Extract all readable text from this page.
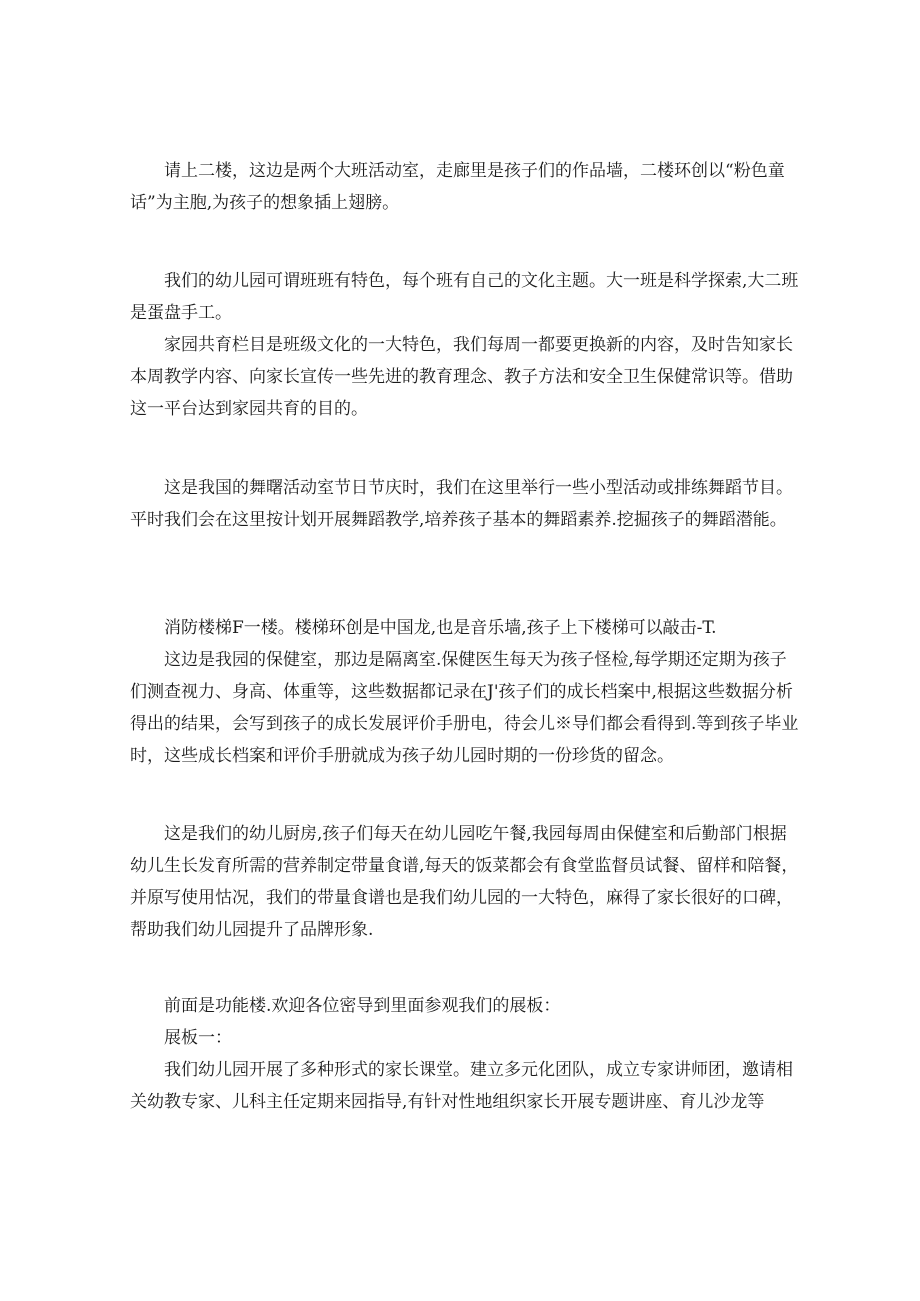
请上二楼，这边是两个大班活动室，走廊里是孩子们的作品墙，二楼环创以“粉色童话”为主胞,为孩子的想象插上翅膀。

我们的幼儿园可谓班班有特色，每个班有自己的文化主题。大一班是科学探索,大二班是蛋盘手工。

家园共育栏目是班级文化的一大特色，我们每周一都要更换新的内容，及时告知家长本周教学内容、向家长宣传一些先进的教育理念、教子方法和安全卫生保健常识等。借助这一平台达到家园共育的目的。

这是我国的舞曙活动室节日节庆时，我们在这里举行一些小型活动或排练舞蹈节目。平时我们会在这里按计划开展舞蹈教学,培养孩子基本的舞蹈素养.挖掘孩子的舞蹈潜能。

消防楼梯F一楼。楼梯环创是中国龙,也是音乐墙,孩子上下楼梯可以敲击-T.

这边是我园的保健室，那边是隔离室.保健医生每天为孩子怪检,每学期还定期为孩子们测查视力、身高、体重等，这些数据都记录在J'孩子们的成长档案中,根据这些数据分析得出的结果，会写到孩子的成长发展评价手册电，待会儿※导们都会看得到.等到孩子毕业时，这些成长档案和评价手册就成为孩子幼儿园时期的一份珍货的留念。

这是我们的幼儿厨房,孩子们每天在幼儿园吃午餐,我园每周由保健室和后勤部门根据幼儿生长发育所需的营养制定带量食谱,每天的饭菜都会有食堂监督员试餐、留样和陪餐，并原写使用怙况，我们的带量食谱也是我们幼儿园的一大特色，麻得了家长很好的口碑，帮助我们幼儿园提升了品牌形象.

前面是功能楼.欢迎各位密导到里面参观我们的展板：

展板一：

我们幼儿园开展了多种形式的家长课堂。建立多元化团队，成立专家讲师团，邀请相关幼教专家、儿科主任定期来园指导,有针对性地组织家长开展专题讲座、育儿沙龙等
